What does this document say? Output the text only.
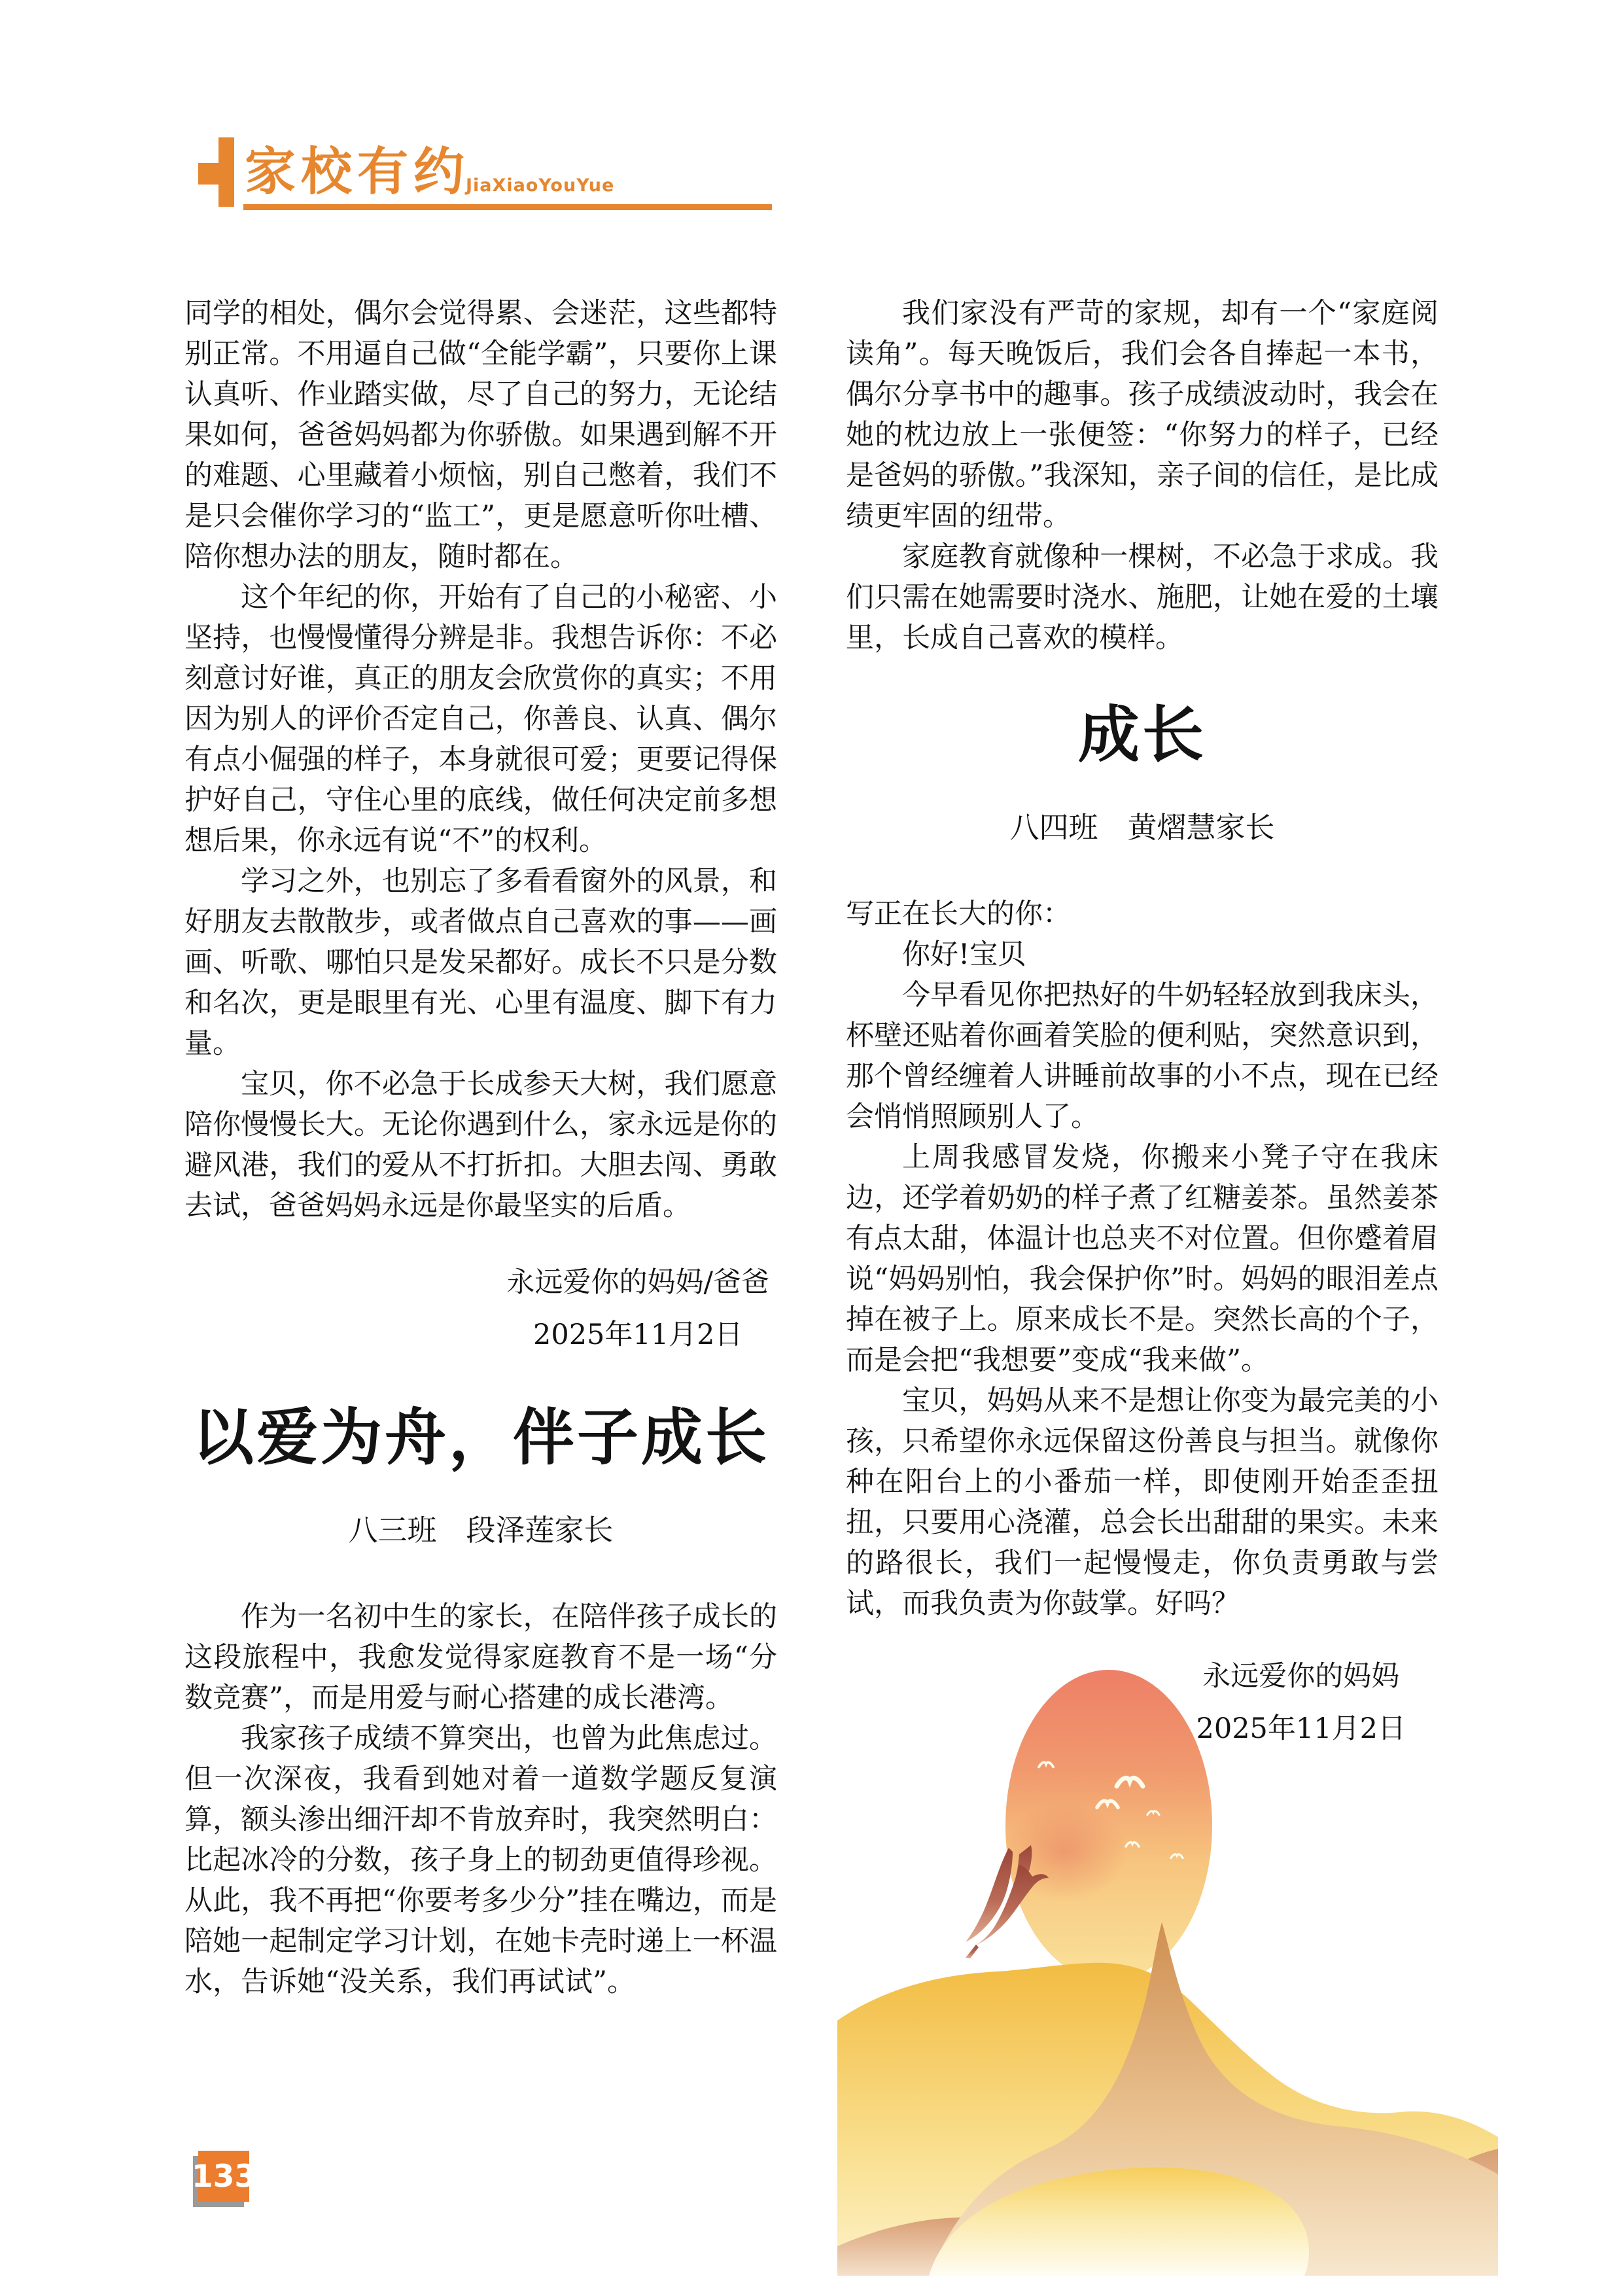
家校有约
JiaXiaoYouYue

同学的相处，偶尔会觉得累、会迷茫，这些都特别正常。不用逼自己做“全能学霸”，只要你上课认真听、作业踏实做，尽了自己的努力，无论结果如何，爸爸妈妈都为你骄傲。如果遇到解不开的难题、心里藏着小烦恼，别自己憋着，我们不是只会催你学习的“监工”，更是愿意听你吐槽、陪你想办法的朋友，随时都在。

这个年纪的你，开始有了自己的小秘密、小坚持，也慢慢懂得分辨是非。我想告诉你：不必刻意讨好谁，真正的朋友会欣赏你的真实；不用因为别人的评价否定自己，你善良、认真、偶尔有点小倔强的样子，本身就很可爱；更要记得保护好自己，守住心里的底线，做任何决定前多想想后果，你永远有说“不”的权利。

学习之外，也别忘了多看看窗外的风景，和好朋友去散散步，或者做点自己喜欢的事——画画、听歌、哪怕只是发呆都好。成长不只是分数和名次，更是眼里有光、心里有温度、脚下有力量。

宝贝，你不必急于长成参天大树，我们愿意陪你慢慢长大。无论你遇到什么，家永远是你的避风港，我们的爱从不打折扣。大胆去闯、勇敢去试，爸爸妈妈永远是你最坚实的后盾。

永远爱你的妈妈/爸爸
2025年11月2日
以爱为舟，伴子成长
八三班　段泽莲家长

作为一名初中生的家长，在陪伴孩子成长的这段旅程中，我愈发觉得家庭教育不是一场“分数竞赛”，而是用爱与耐心搭建的成长港湾。

我家孩子成绩不算突出，也曾为此焦虑过。但一次深夜，我看到她对着一道数学题反复演算，额头渗出细汗却不肯放弃时，我突然明白：比起冰冷的分数，孩子身上的韧劲更值得珍视。从此，我不再把“你要考多少分”挂在嘴边，而是陪她一起制定学习计划，在她卡壳时递上一杯温水，告诉她“没关系，我们再试试”。

我们家没有严苛的家规，却有一个“家庭阅读角”。每天晚饭后，我们会各自捧起一本书，偶尔分享书中的趣事。孩子成绩波动时，我会在她的枕边放上一张便签：“你努力的样子，已经是爸妈的骄傲。”我深知，亲子间的信任，是比成绩更牢固的纽带。

家庭教育就像种一棵树，不必急于求成。我们只需在她需要时浇水、施肥，让她在爱的土壤里，长成自己喜欢的模样。

成长
八四班　黄熠慧家长

写正在长大的你：

你好!宝贝

今早看见你把热好的牛奶轻轻放到我床头，杯壁还贴着你画着笑脸的便利贴，突然意识到，那个曾经缠着人讲睡前故事的小不点，现在已经会悄悄照顾别人了。

上周我感冒发烧，你搬来小凳子守在我床边，还学着奶奶的样子煮了红糖姜茶。虽然姜茶有点太甜，体温计也总夹不对位置。但你蹙着眉说“妈妈别怕，我会保护你”时。妈妈的眼泪差点掉在被子上。原来成长不是。突然长高的个子，而是会把“我想要”变成“我来做”。

宝贝，妈妈从来不是想让你变为最完美的小孩，只希望你永远保留这份善良与担当。就像你种在阳台上的小番茄一样，即使刚开始歪歪扭扭，只要用心浇灌，总会长出甜甜的果实。未来的路很长，我们一起慢慢走，你负责勇敢与尝试，而我负责为你鼓掌。好吗？

永远爱你的妈妈
2025年11月2日
133
